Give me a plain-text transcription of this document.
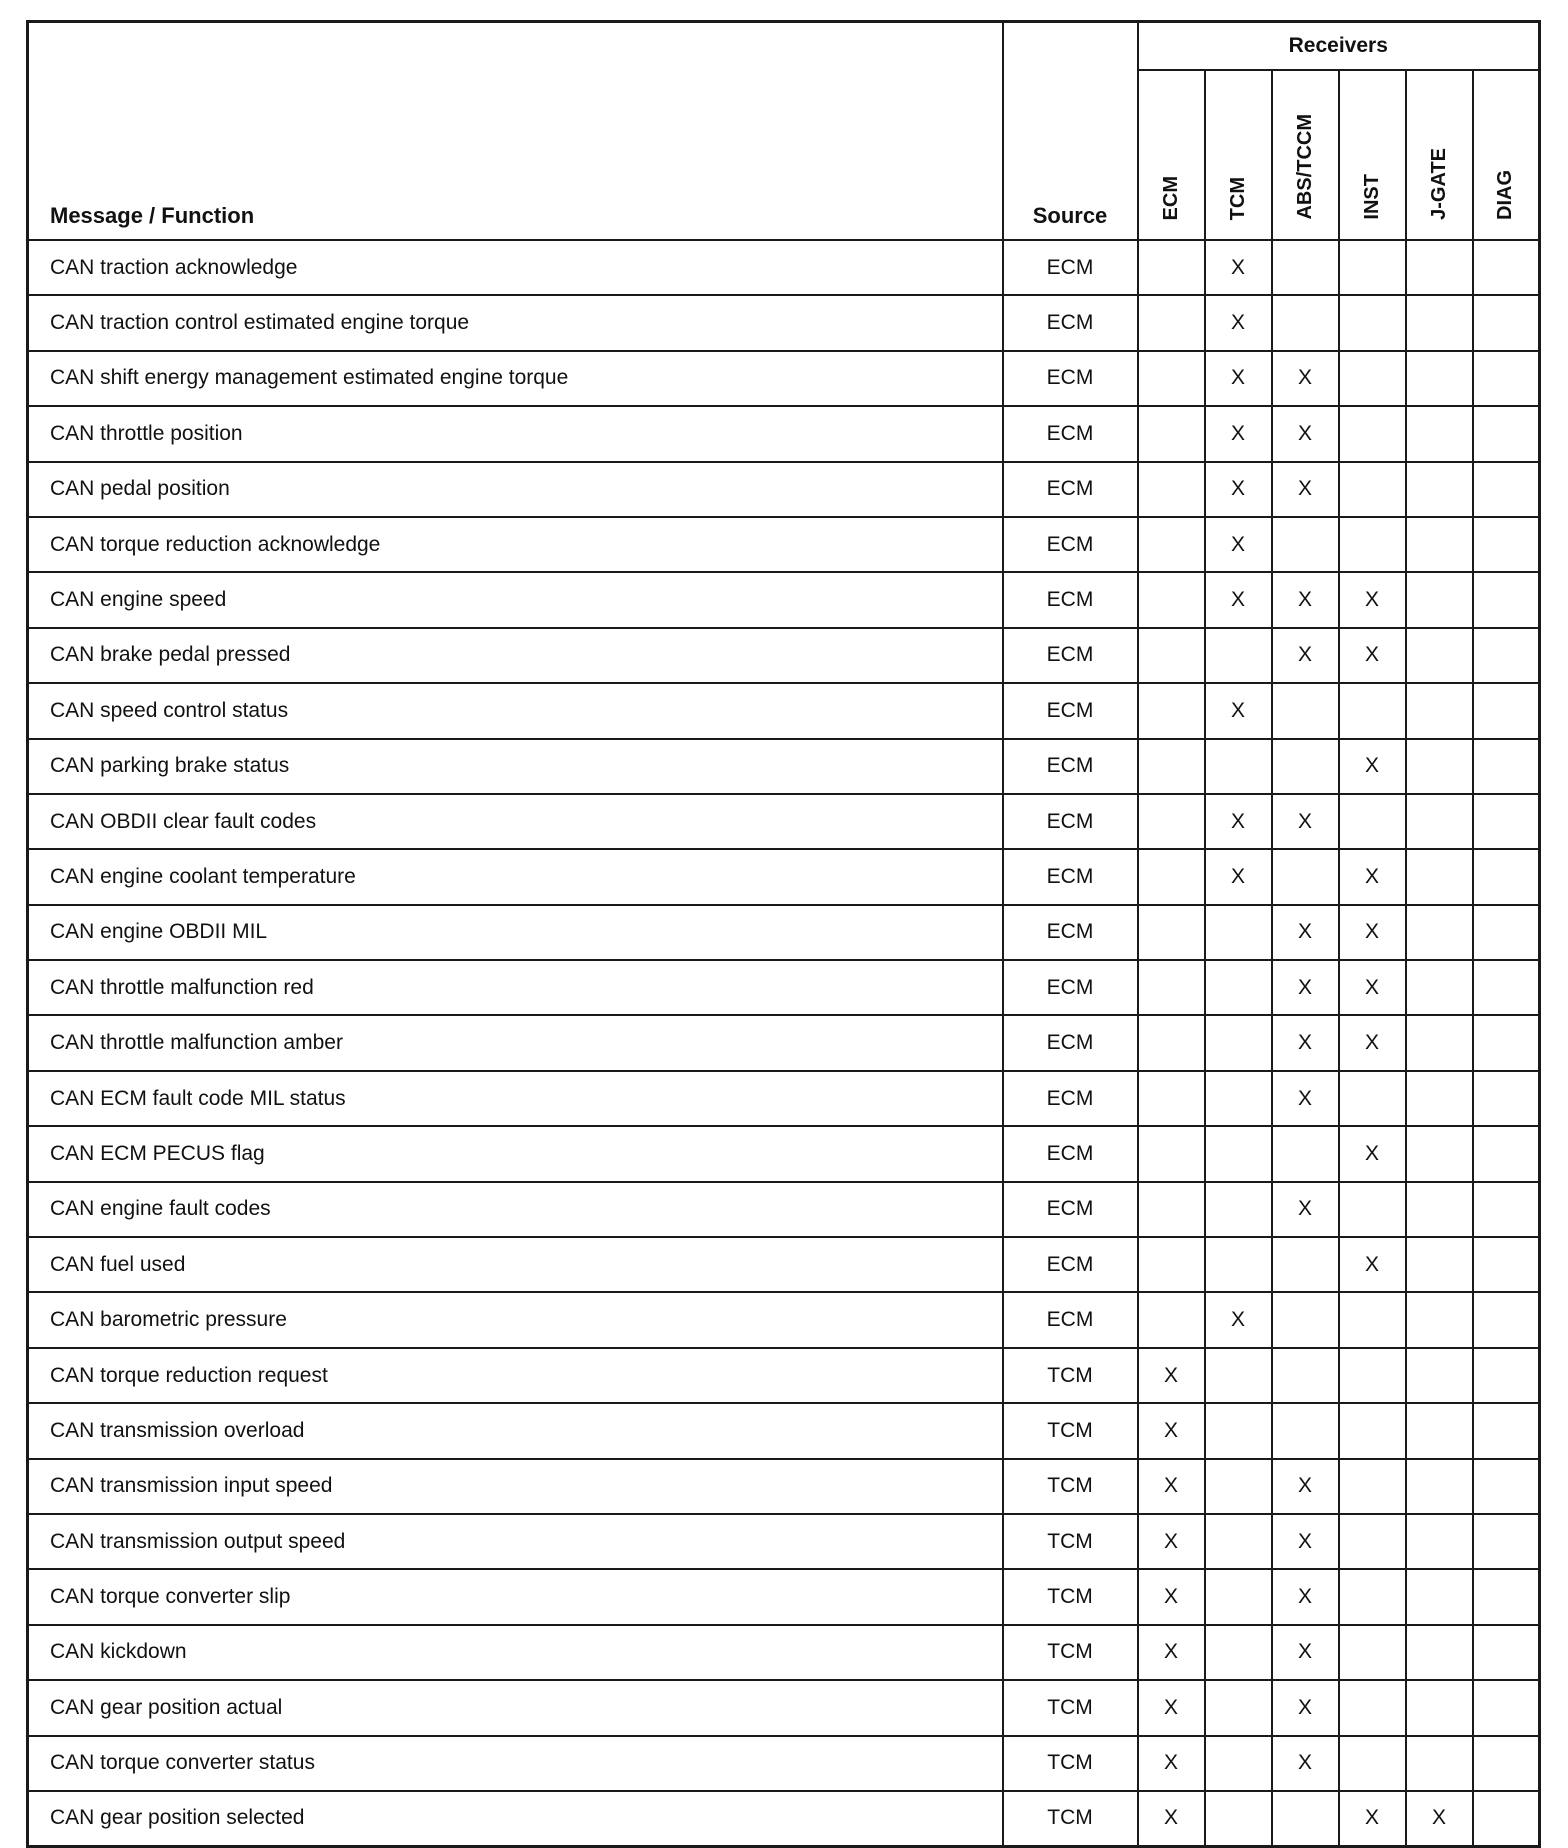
Message / Function	Source	Receivers					
		ECM	TCM	ABS/TCCM	INST	J-GATE	DIAG
CAN traction acknowledge	ECM		X				
CAN traction control estimated engine torque	ECM		X				
CAN shift energy management estimated engine torque	ECM		X	X			
CAN throttle position	ECM		X	X			
CAN pedal position	ECM		X	X			
CAN torque reduction acknowledge	ECM		X				
CAN engine speed	ECM		X	X	X		
CAN brake pedal pressed	ECM			X	X		
CAN speed control status	ECM		X				
CAN parking brake status	ECM				X		
CAN OBDII clear fault codes	ECM		X	X			
CAN engine coolant temperature	ECM		X		X		
CAN engine OBDII MIL	ECM			X	X		
CAN throttle malfunction red	ECM			X	X		
CAN throttle malfunction amber	ECM			X	X		
CAN ECM fault code MIL status	ECM			X			
CAN ECM PECUS flag	ECM				X		
CAN engine fault codes	ECM			X			
CAN fuel used	ECM				X		
CAN barometric pressure	ECM		X				
CAN torque reduction request	TCM	X					
CAN transmission overload	TCM	X					
CAN transmission input speed	TCM	X		X			
CAN transmission output speed	TCM	X		X			
CAN torque converter slip	TCM	X		X			
CAN kickdown	TCM	X		X			
CAN gear position actual	TCM	X		X			
CAN torque converter status	TCM	X		X			
CAN gear position selected	TCM	X			X	X	
